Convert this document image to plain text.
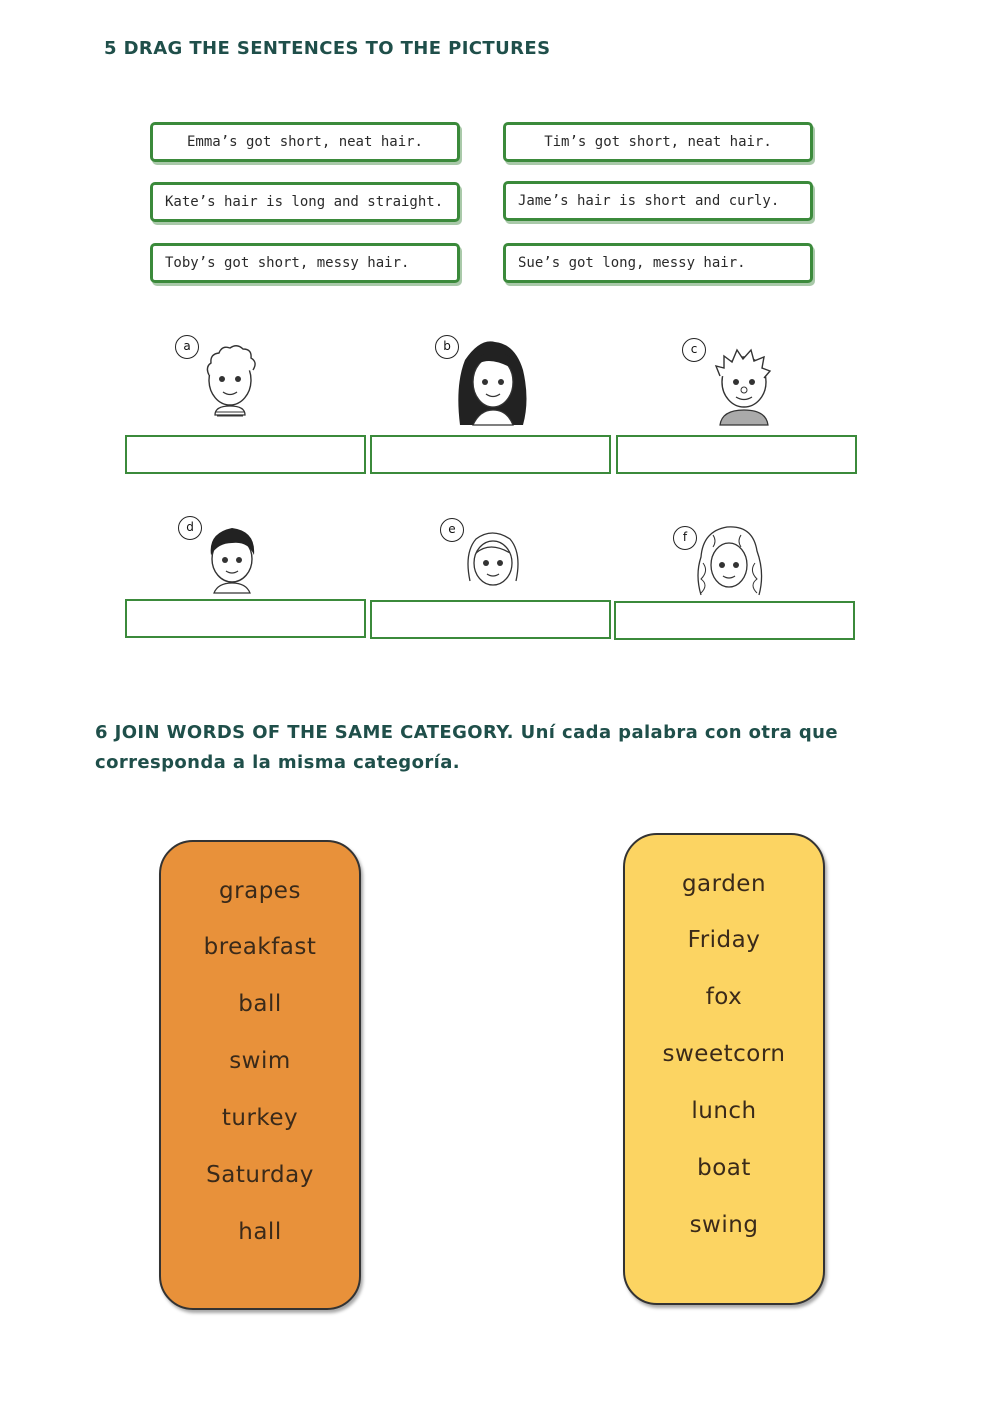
5 DRAG THE SENTENCES TO THE PICTURES
Emma’s got short, neat hair.	Tim’s got short, neat hair.
Kate’s hair is long and straight.	Jame’s hair is short and curly.
Toby’s got short, messy hair.	Sue’s got long, messy hair.
a	b	c
d	e
f
6 JOIN WORDS OF THE SAME CATEGORY. Uní cada palabra con otra que
corresponda a la misma categoría.
grapes
breakfast
ball
swim
turkey
Saturday
hall
garden
Friday
fox
sweetcorn
lunch
boat
swing
